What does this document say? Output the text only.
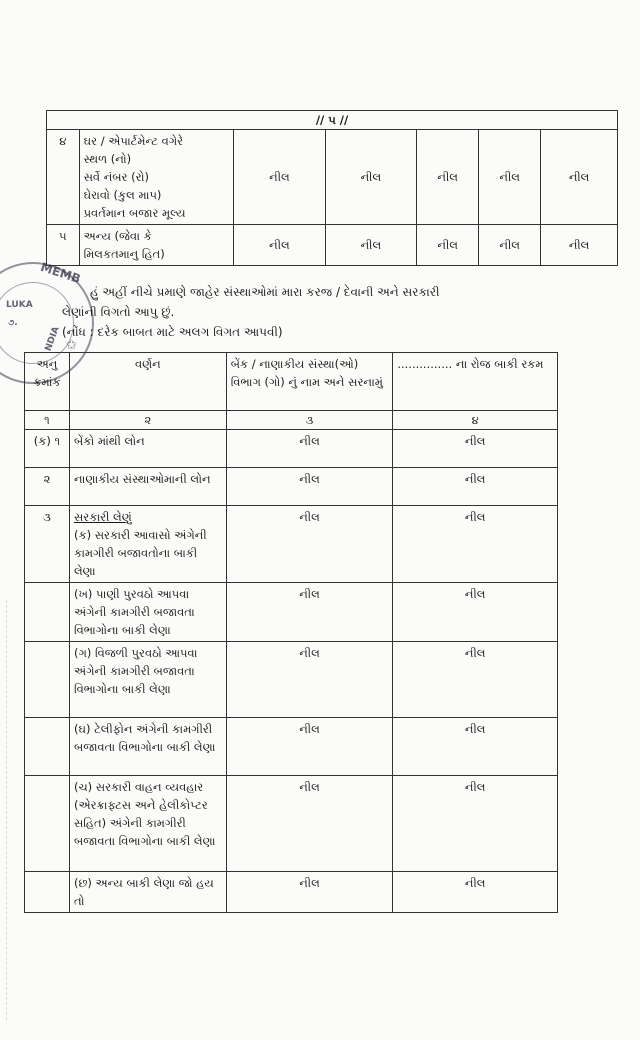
// ૫ //						
૪	ઘર / એપાર્ટમેન્ટ વગેરે
સ્થળ (નો)
સર્વે નંબર (રો)
ઘેરાવો (કુલ માપ)
પ્રવર્તમાન બજાર મૂલ્ય	નીલ	નીલ	નીલ	નીલ	નીલ
૫	અન્ય (જેવા કે
મિલકતમાનુ હિત)	નીલ	નીલ	નીલ	નીલ	નીલ
MEMB
LUKA
NDIA
૭.
✩
હું અહીં નીચે પ્રમાણે જાહેર સંસ્થાઓમાં મારા કરજ / દેવાની અને સરકારી
લેણાંની વિગતો આપુ છું.
(નોંધ : દરેક બાબત માટે અલગ વિગત આપવી)
અનુ ક્રમાંક	વર્ણન	બેંક / નાણાકીય સંસ્થા(ઓ) વિભાગ (ગો) નું નામ અને સરનામું	............... ના રોજ બાકી રકમ
૧	૨	૩	૪
(ક) ૧	બેંકો માંથી લોન	નીલ	નીલ
૨	નાણાકીય સંસ્થાઓમાની લોન	નીલ	નીલ
૩	સરકારી લેણું
(ક) સરકારી આવાસો અંગેની કામગીરી બજાવતોના બાકી લેણા	નીલ	નીલ
	(ખ) પાણી પુરવઠો આપવા અંગેની કામગીરી બજાવતા વિભાગોના બાકી લેણા	નીલ	નીલ
	(ગ) વિજળી પુરવઠો આપવા અંગેની કામગીરી બજાવતા વિભાગોના બાકી લેણા	નીલ	નીલ
	(ઘ) ટેલીફોન અંગેની કામગીરી બજાવતા વિભાગોના બાકી લેણા	નીલ	નીલ
	(ચ) સરકારી વાહન વ્યવહાર (એરક્રાફ્ટસ અને હેલીકોપ્ટર સહિત) અંગેની કામગીરી બજાવતા વિભાગોના બાકી લેણા	નીલ	નીલ
	(છ) અન્ય બાકી લેણા જો હય તો	નીલ	નીલ
